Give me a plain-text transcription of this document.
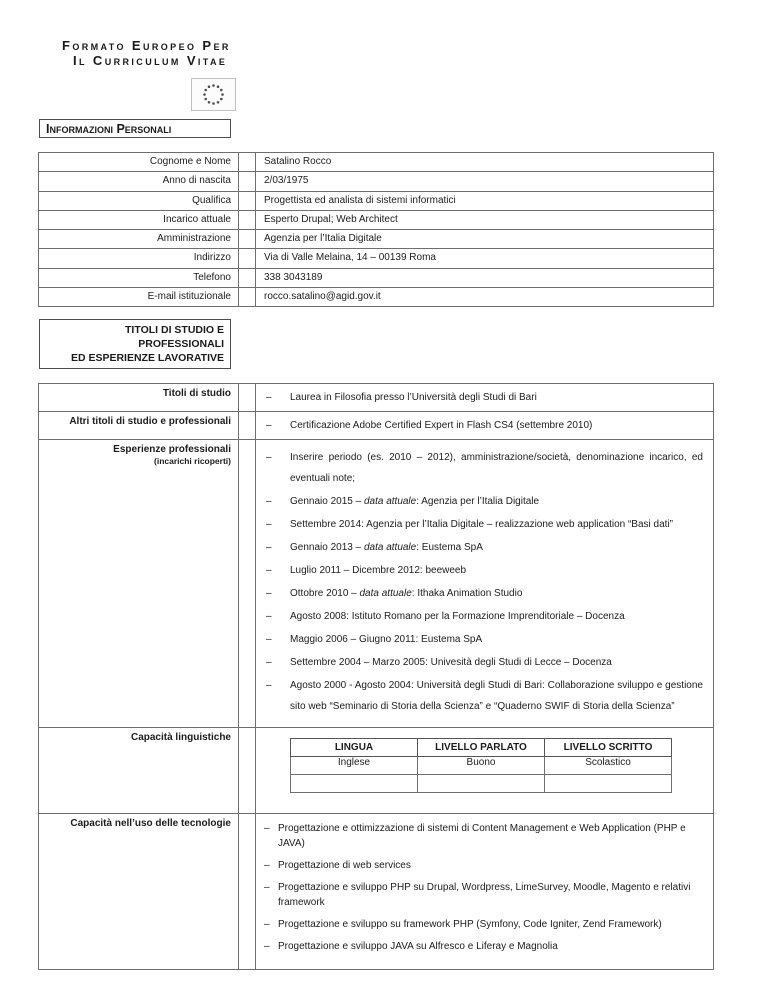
Formato Europeo Per
Il Curriculum Vitae
Informazioni Personali
Cognome e Nome		Satalino Rocco
Anno di nascita		2/03/1975
Qualifica		Progettista ed analista di sistemi informatici
Incarico attuale		Esperto Drupal; Web Architect
Amministrazione		Agenzia per l’Italia Digitale
Indirizzo		Via di Valle Melaina, 14 – 00139 Roma
Telefono		338 3043189
E-mail istituzionale		rocco.satalino@agid.gov.it
TITOLI DI STUDIO E
PROFESSIONALI
ED ESPERIENZE LAVORATIVE
Titoli di studio		
–Laurea in Filosofia presso l’Università degli Studi di Bari

Altri titoli di studio e professionali		
–Certificazione Adobe Certified Expert in Flash CS4 (settembre 2010)

Esperienze professionali
(incarichi ricoperti)

–Inserire periodo (es. 2010 – 2012), amministrazione/società, denominazione incarico, ed eventuali note;
– Gennaio 2015 – data attuale: Agenzia per l’Italia Digitale
– Settembre 2014: Agenzia per l’Italia Digitale – realizzazione web application “Basi dati”
– Gennaio 2013 – data attuale: Eustema SpA
– Luglio 2011 – Dicembre 2012: beeweeb
– Ottobre 2010 – data attuale: Ithaka Animation Studio
– Agosto 2008: Istituto Romano per la Formazione Imprenditoriale – Docenza
– Maggio 2006 – Giugno 2011: Eustema SpA
– Settembre 2004 – Marzo 2005: Univesità degli Studi di Lecce – Docenza
– Agosto 2000 - Agosto 2004: Università degli Studi di Bari: Collaborazione sviluppo e gestione sito web “Seminario di Storia della Scienza” e “Quaderno SWIF di Storia della Scienza”

Capacità linguistiche		
LINGUA	LIVELLO PARLATO	LIVELLO SCRITTO
Inglese	Buono	Scolastico

Capacità nell’uso delle tecnologie		
–Progettazione e ottimizzazione di sistemi di Content Management e Web Application (PHP e JAVA)
– Progettazione di web services
– Progettazione e sviluppo PHP su Drupal, Wordpress, LimeSurvey, Moodle, Magento e relativi framework
– Progettazione e sviluppo su framework PHP (Symfony, Code Igniter, Zend Framework)
– Progettazione e sviluppo JAVA su Alfresco e Liferay e Magnolia
